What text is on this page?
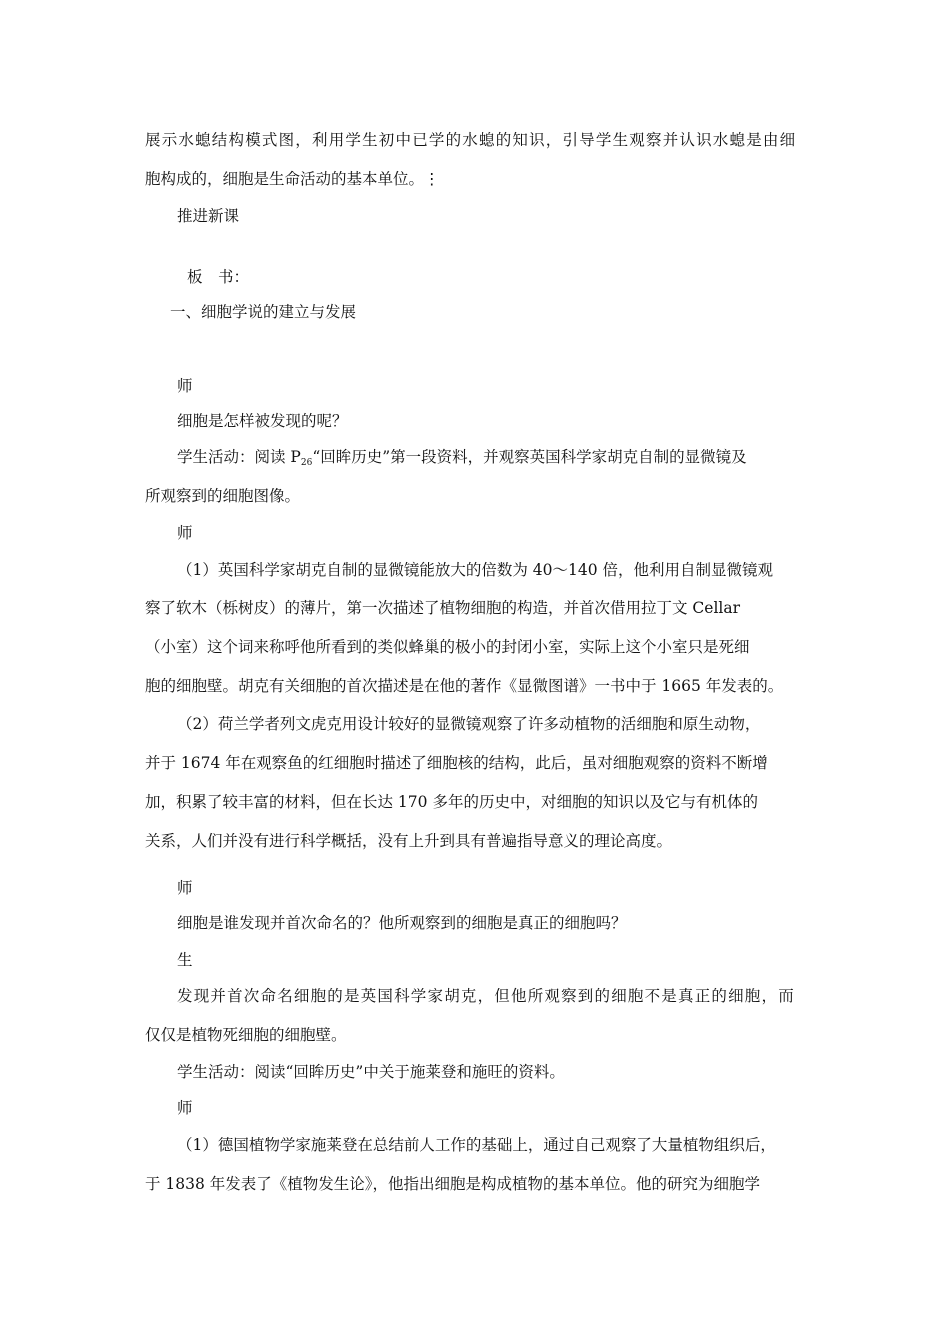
展示水螅结构模式图，利用学生初中已学的水螅的知识，引导学生观察并认识水螅是由细
胞构成的，细胞是生命活动的基本单位。⋮
推进新课
板　书：
一、细胞学说的建立与发展
师
细胞是怎样被发现的呢？
学生活动：阅读 $P_{26}“$回眸历史”第一段资料，并观察英国科学家胡克自制的显微镜及
所观察到的细胞图像。
师
（1）英国科学家胡克自制的显微镜能放大的倍数为 40～140 倍，他利用自制显微镜观
察了软木（栎树皮）的薄片，第一次描述了植物细胞的构造，并首次借用拉丁文 Cellar
（小室）这个词来称呼他所看到的类似蜂巢的极小的封闭小室，实际上这个小室只是死细
胞的细胞壁。胡克有关细胞的首次描述是在他的著作《显微图谱》一书中于 1665 年发表的。
（2）荷兰学者列文虎克用设计较好的显微镜观察了许多动植物的活细胞和原生动物，
并于 1674 年在观察鱼的红细胞时描述了细胞核的结构，此后，虽对细胞观察的资料不断增
加，积累了较丰富的材料，但在长达 170 多年的历史中，对细胞的知识以及它与有机体的
关系，人们并没有进行科学概括，没有上升到具有普遍指导意义的理论高度。
师
细胞是谁发现并首次命名的？他所观察到的细胞是真正的细胞吗？
生
发现并首次命名细胞的是英国科学家胡克，但他所观察到的细胞不是真正的细胞，而
仅仅是植物死细胞的细胞壁。
学生活动：阅读“回眸历史”中关于施莱登和施旺的资料。
师
（1）德国植物学家施莱登在总结前人工作的基础上，通过自己观察了大量植物组织后，
于 1838 年发表了《植物发生论》，他指出细胞是构成植物的基本单位。他的研究为细胞学
